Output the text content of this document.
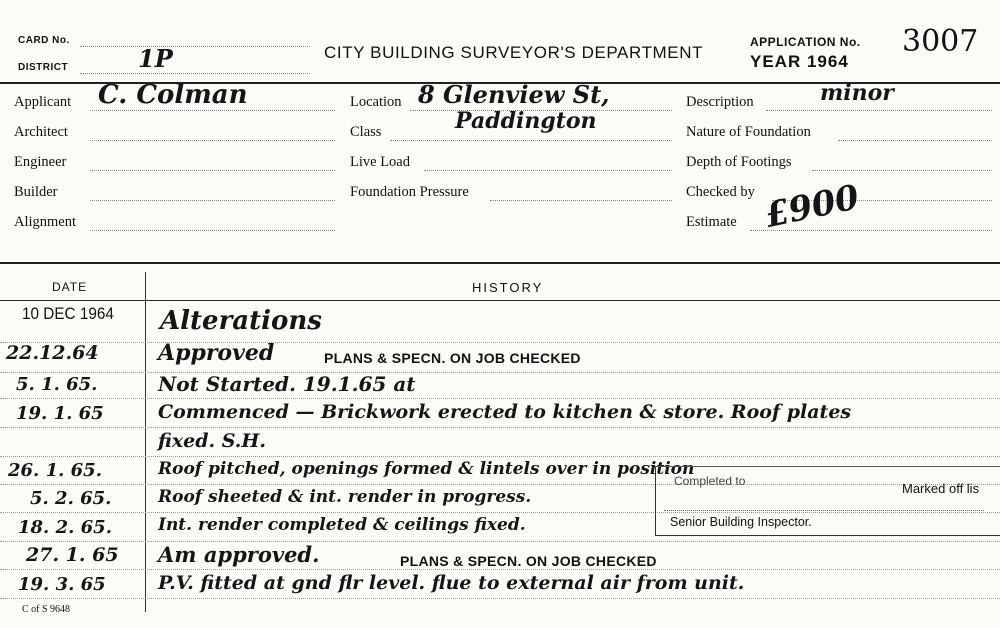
CARD No.
DISTRICT	1P	CITY BUILDING SURVEYOR'S DEPARTMENT
APPLICATION No. 3007
YEAR 1964
Applicant C. Colman
Architect
Engineer
Builder
Alignment
Location 8 Glenview St,
Paddington
Class
Live Load
Foundation Pressure
Description	minor
Nature of Foundation
Depth of Footings
Checked by
Estimate £900
DATE	HISTORY
10 DEC 1964 Alterations
22.12.64	Approved	PLANS & SPECN. ON JOB CHECKED
5. 1. 65.	Not Started. 19.1.65 at
19. 1. 65	Commenced — Brickwork erected to kitchen & store. Roof plates
fixed. S.H.
26. 1. 65.	Roof pitched, openings formed & lintels over in position
5. 2. 65.	Roof sheeted & int. render in progress.
18. 2. 65.	Int. render completed & ceilings fixed.
27. 1. 65 Am approved.	PLANS & SPECN. ON JOB CHECKED
19. 3. 65	P.V. fitted at gnd flr level. flue to external air from unit.
Completed to	Marked off lis
Senior Building Inspector.
C of S 9648
